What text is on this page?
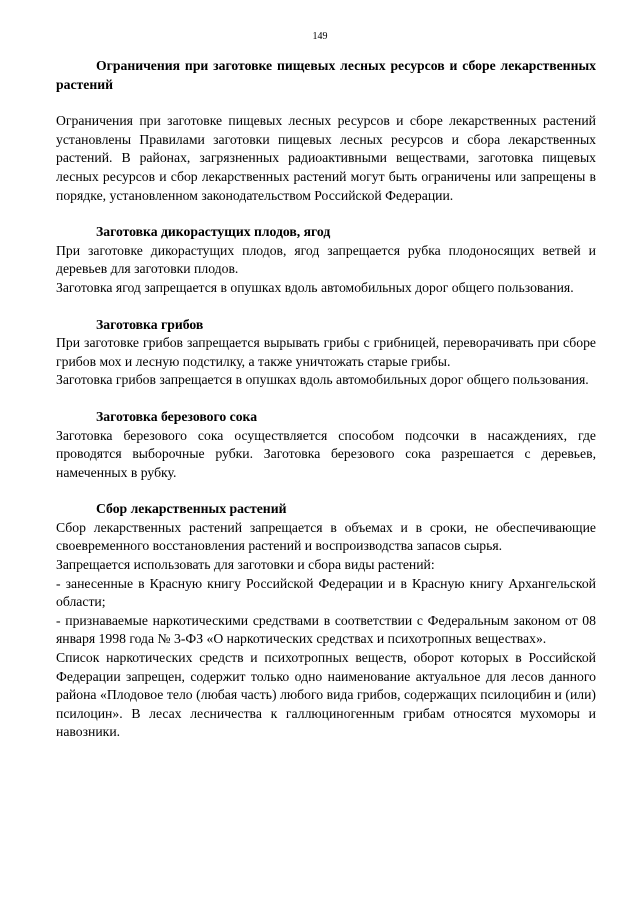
149

Ограничения при заготовке пищевых лесных ресурсов и сборе лекарственных растений

Ограничения при заготовке пищевых лесных ресурсов и сборе лекарственных растений установлены Правилами заготовки пищевых лесных ресурсов и сбора лекарственных растений. В районах, загрязненных радиоактивными веществами, заготовка пищевых лесных ресурсов и сбор лекарственных растений могут быть ограничены или запрещены в порядке, установленном законодательством Российской Федерации.

Заготовка дикорастущих плодов, ягод

При заготовке дикорастущих плодов, ягод запрещается рубка плодоносящих ветвей и деревьев для заготовки плодов.

Заготовка ягод запрещается в опушках вдоль автомобильных дорог общего пользования.

Заготовка грибов

При заготовке грибов запрещается вырывать грибы с грибницей, переворачивать при сборе грибов мох и лесную подстилку, а также уничтожать старые грибы.

Заготовка грибов запрещается в опушках вдоль автомобильных дорог общего пользования.

Заготовка березового сока

Заготовка березового сока осуществляется способом подсочки в насаждениях, где проводятся выборочные рубки. Заготовка березового сока разрешается с деревьев, намеченных в рубку.

Сбор лекарственных растений

Сбор лекарственных растений запрещается в объемах и в сроки, не обеспечивающие своевременного восстановления растений и воспроизводства запасов сырья.

Запрещается использовать для заготовки и сбора виды растений:

- занесенные в Красную книгу Российской Федерации и в Красную книгу Архангельской области;

- признаваемые наркотическими средствами в соответствии с Федеральным законом от 08 января 1998 года № 3-ФЗ «О наркотических средствах и психотропных веществах».

Список наркотических средств и психотропных веществ, оборот которых в Российской Федерации запрещен, содержит только одно наименование актуальное для лесов данного района «Плодовое тело (любая часть) любого вида грибов, содержащих псилоцибин и (или) псилоцин». В лесах лесничества к галлюциногенным грибам относятся мухоморы и навозники.
